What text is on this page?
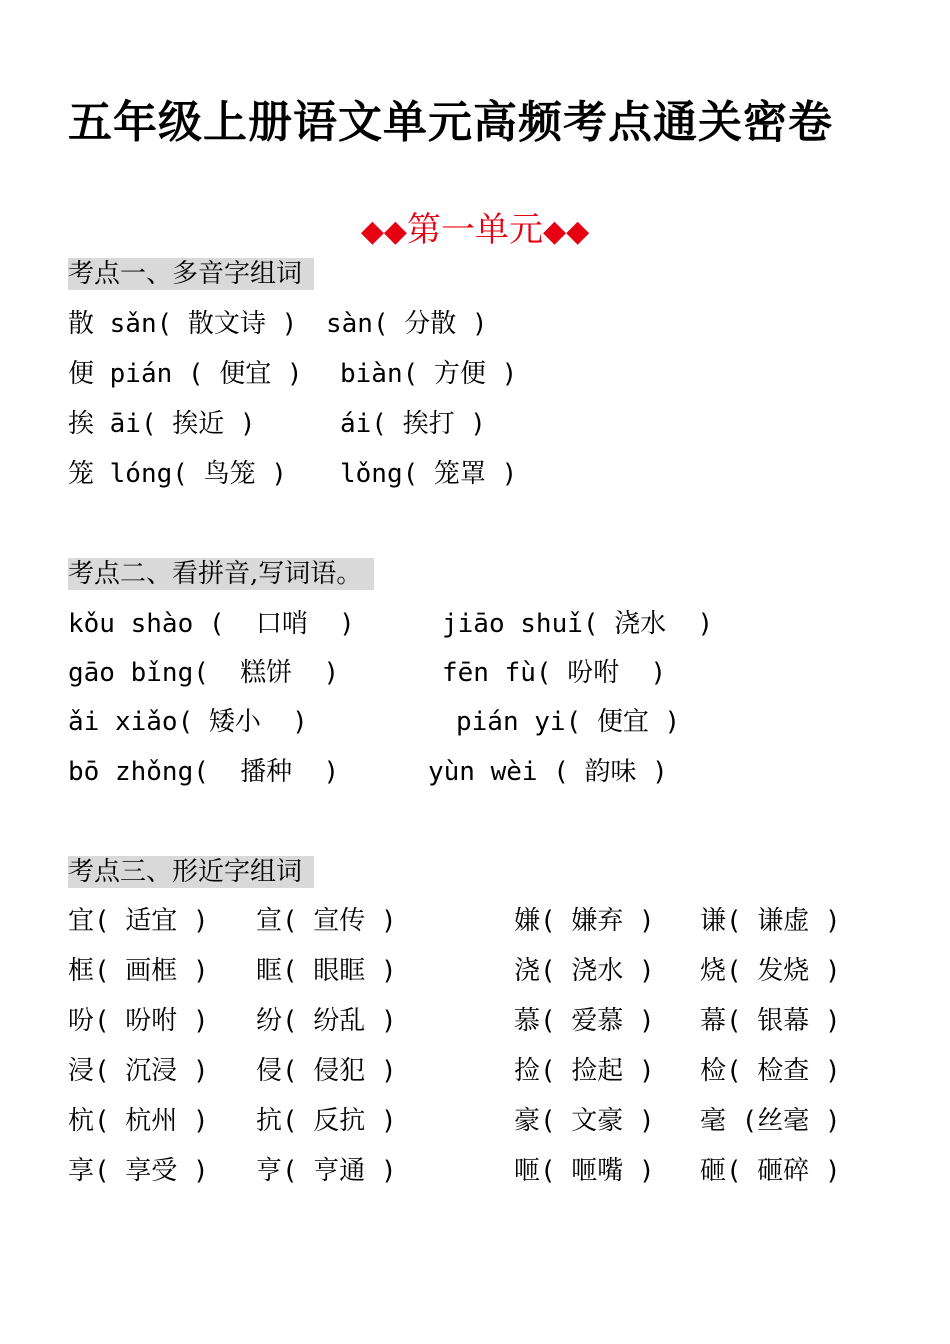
五年级上册语文单元高频考点通关密卷
◆◆第一单元◆◆
考点一、多音字组词
散 sǎn( 散文诗 ) sàn( 分散 )
便 pián ( 便宜 ) biàn( 方便 )
挨 āi( 挨近 )	ái( 挨打 )
笼 lóng( 鸟笼 ) lǒng( 笼罩 )
考点二、看拼音,写词语。
kǒu shào (  口哨  )	jiāo shuǐ( 浇水  )
gāo bǐng(  糕饼  )	fēn fù( 吩咐  )
ǎi xiǎo( 矮小  )	pián yi( 便宜 )
bō zhǒng(  播种  )	yùn wèi ( 韵味 )
考点三、形近字组词
宜( 适宜 ) 宣( 宣传 )	嫌( 嫌弃 ) 谦( 谦虚 )
框( 画框 ) 眶( 眼眶 )	浇( 浇水 ) 烧( 发烧 )
吩( 吩咐 ) 纷( 纷乱 )	慕( 爱慕 ) 幕( 银幕 )
浸( 沉浸 ) 侵( 侵犯 )	捡( 捡起 ) 检( 检查 )
杭( 杭州 ) 抗( 反抗 )	豪( 文豪 ) 毫 (丝毫 )
享( 享受 ) 亨( 亨通 )	咂( 咂嘴 ) 砸( 砸碎 )
